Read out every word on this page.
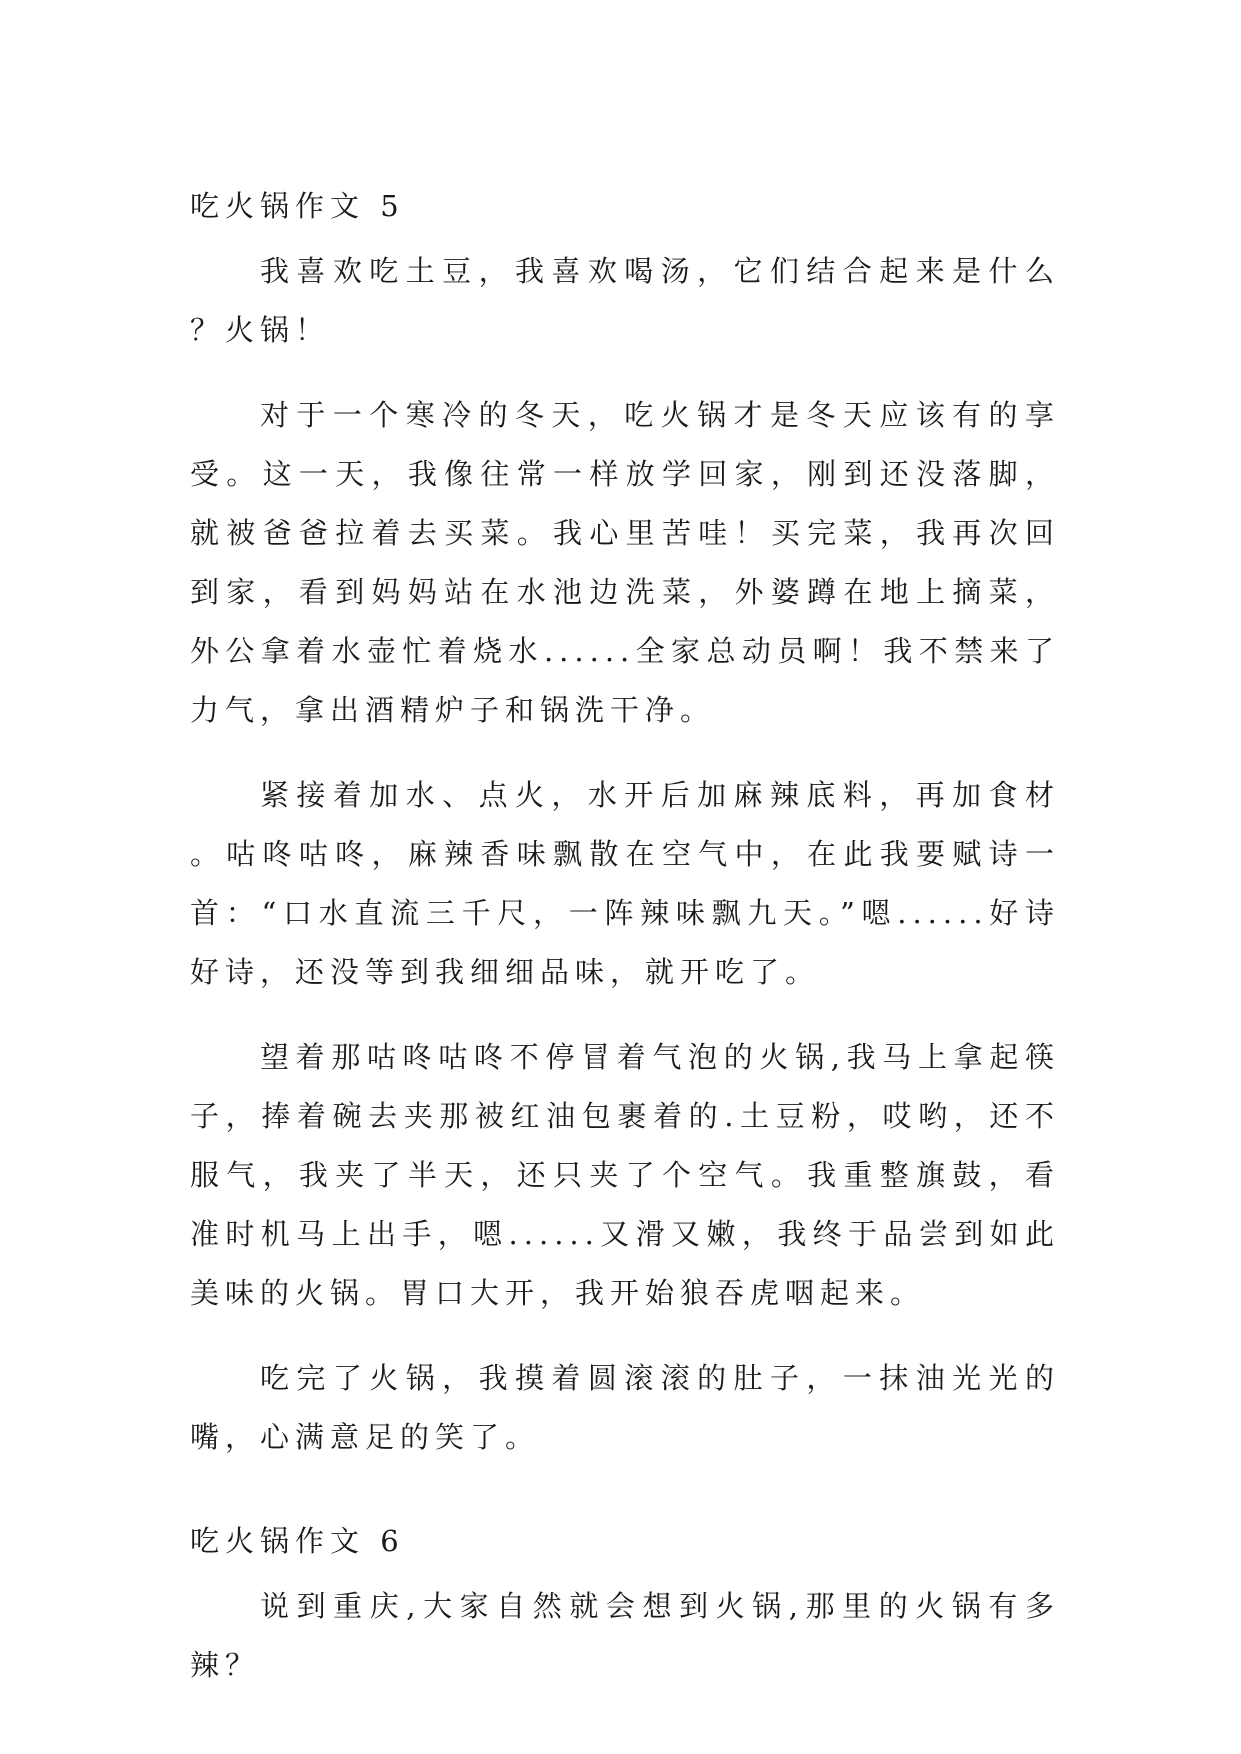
吃火锅作文 5

我喜欢吃土豆，我喜欢喝汤，它们结合起来是什么？火锅！

对于一个寒冷的冬天，吃火锅才是冬天应该有的享受。这一天，我像往常一样放学回家，刚到还没落脚，就被爸爸拉着去买菜。我心里苦哇！买完菜，我再次回到家，看到妈妈站在水池边洗菜，外婆蹲在地上摘菜，外公拿着水壶忙着烧水......全家总动员啊！我不禁来了力气，拿出酒精炉子和锅洗干净。

紧接着加水、点火，水开后加麻辣底料，再加食材。咕咚咕咚，麻辣香味飘散在空气中，在此我要赋诗一首：“口水直流三千尺，一阵辣味飘九天。”嗯......好诗好诗，还没等到我细细品味，就开吃了。

望着那咕咚咕咚不停冒着气泡的火锅,我马上拿起筷子，捧着碗去夹那被红油包裹着的.土豆粉，哎哟，还不服气，我夹了半天，还只夹了个空气。我重整旗鼓，看准时机马上出手，嗯......又滑又嫩，我终于品尝到如此美味的火锅。胃口大开，我开始狼吞虎咽起来。

吃完了火锅，我摸着圆滚滚的肚子，一抹油光光的嘴，心满意足的笑了。

吃火锅作文 6

说到重庆,大家自然就会想到火锅,那里的火锅有多辣？
